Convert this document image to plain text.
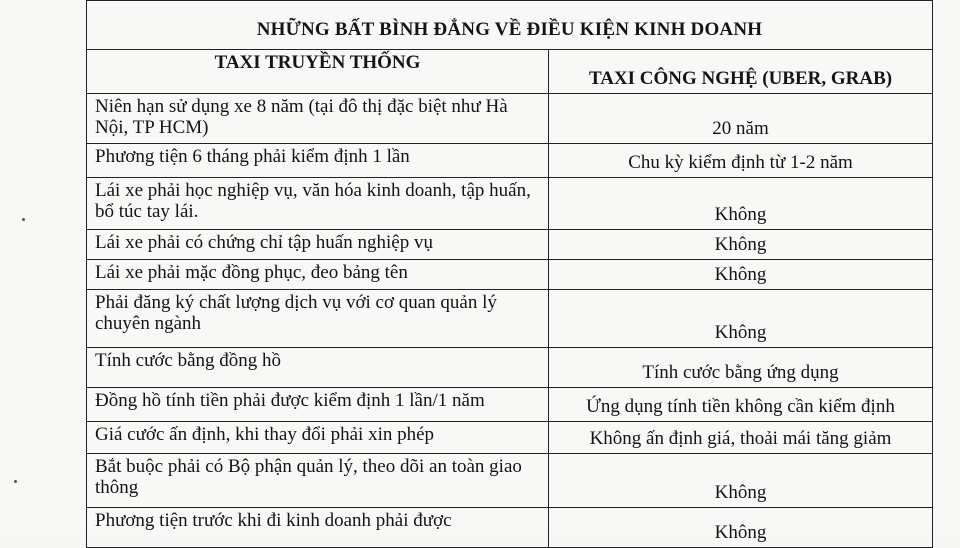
NHỮNG BẤT BÌNH ĐẲNG VỀ ĐIỀU KIỆN KINH DOANH	
TAXI TRUYỀN THỐNG	TAXI CÔNG NGHỆ (UBER, GRAB)
Niên hạn sử dụng xe 8 năm (tại đô thị đặc biệt như Hà Nội, TP HCM)	20 năm
Phương tiện 6 tháng phải kiểm định 1 lần	Chu kỳ kiểm định từ 1-2 năm
Lái xe phải học nghiệp vụ, văn hóa kinh doanh, tập huấn, bổ túc tay lái.	Không
Lái xe phải có chứng chỉ tập huấn nghiệp vụ	Không
Lái xe phải mặc đồng phục, đeo bảng tên	Không
Phải đăng ký chất lượng dịch vụ với cơ quan quản lý chuyên ngành	Không
Tính cước bằng đồng hồ	Tính cước bằng ứng dụng
Đồng hồ tính tiền phải được kiểm định 1 lần/1 năm	Ứng dụng tính tiền không cần kiểm định
Giá cước ấn định, khi thay đổi phải xin phép	Không ấn định giá, thoải mái tăng giảm
Bắt buộc phải có Bộ phận quản lý, theo dõi an toàn giao thông	Không
Phương tiện trước khi đi kinh doanh phải được	Không
